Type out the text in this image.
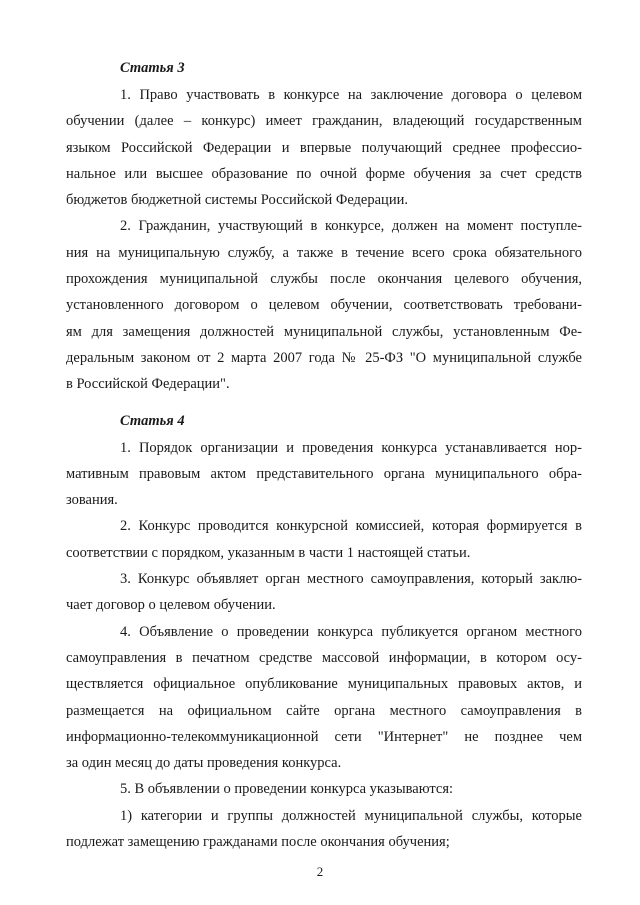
Статья 3
1. Право участвовать в конкурсе на заключение договора о целевом
обучении (далее – конкурс) имеет гражданин, владеющий государственным
языком Российской Федерации и впервые получающий среднее профессио-
нальное или высшее образование по очной форме обучения за счет средств
бюджетов бюджетной системы Российской Федерации.
2. Гражданин, участвующий в конкурсе, должен на момент поступле-
ния на муниципальную службу, а также в течение всего срока обязательного
прохождения муниципальной службы после окончания целевого обучения,
установленного договором о целевом обучении, соответствовать требовани-
ям для замещения должностей муниципальной службы, установленным Фе-
деральным законом от 2 марта 2007 года № 25-ФЗ "О муниципальной службе
в Российской Федерации".
Статья 4
1. Порядок организации и проведения конкурса устанавливается нор-
мативным правовым актом представительного органа муниципального обра-
зования.
2. Конкурс проводится конкурсной комиссией, которая формируется в
соответствии с порядком, указанным в части 1 настоящей статьи.
3. Конкурс объявляет орган местного самоуправления, который заклю-
чает договор о целевом обучении.
4. Объявление о проведении конкурса публикуется органом местного
самоуправления в печатном средстве массовой информации, в котором осу-
ществляется официальное опубликование муниципальных правовых актов, и
размещается на официальном сайте органа местного самоуправления в
информационно-телекоммуникационной сети "Интернет" не позднее чем
за один месяц до даты проведения конкурса.
5. В объявлении о проведении конкурса указываются:
1) категории и группы должностей муниципальной службы, которые
подлежат замещению гражданами после окончания обучения;
2
